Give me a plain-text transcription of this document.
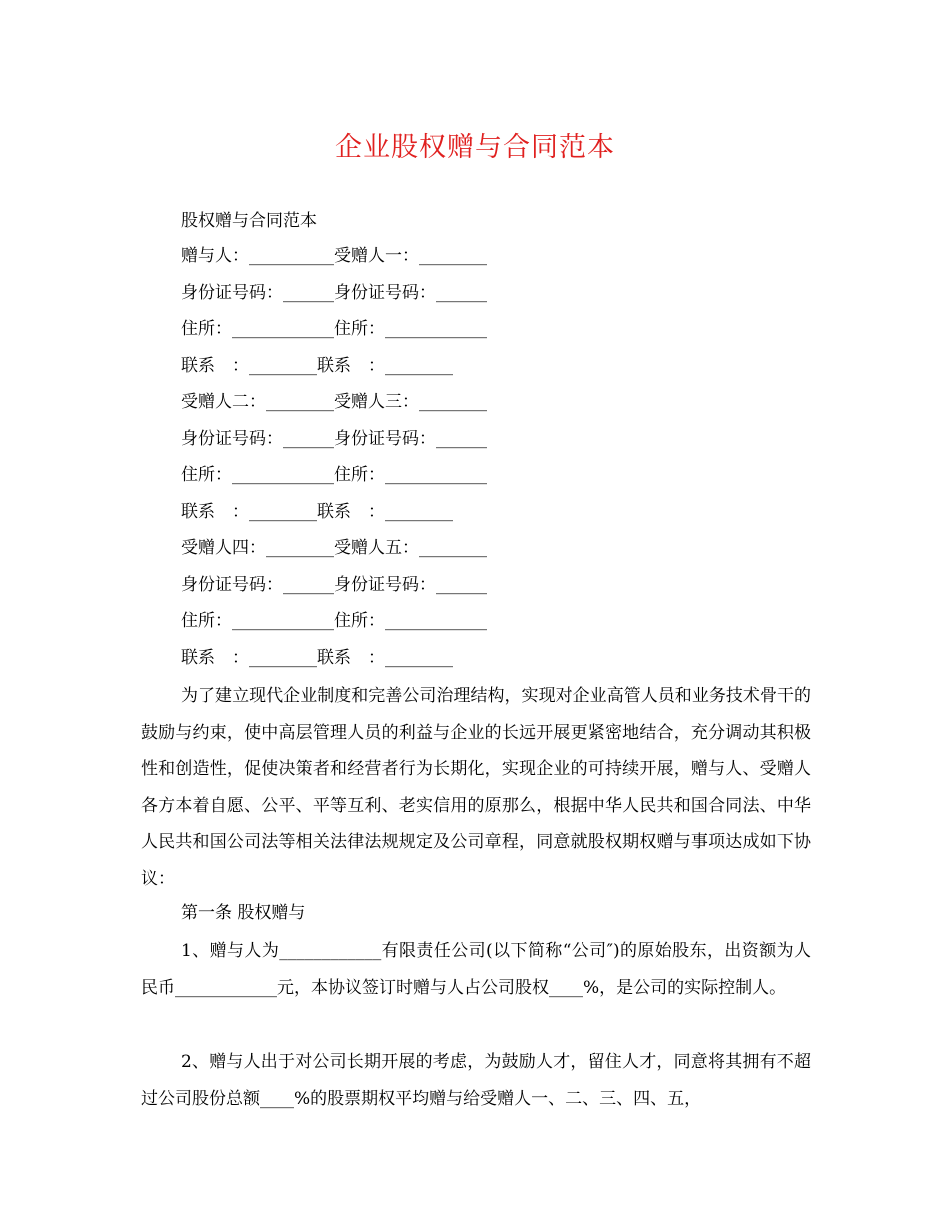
企业股权赠与合同范本
股权赠与合同范本
赠与人：__________受赠人一：________
身份证号码：______身份证号码：______
住所：____________住所：____________
联系　：________联系　：________
受赠人二：________受赠人三：________
身份证号码：______身份证号码：______
住所：____________住所：____________
联系　：________联系　：________
受赠人四：________受赠人五：________
身份证号码：______身份证号码：______
住所：____________住所：____________
联系　：________联系　：________
为了建立现代企业制度和完善公司治理结构，实现对企业高管人员和业务技术骨干的鼓励与约束，使中高层管理人员的利益与企业的长远开展更紧密地结合，充分调动其积极性和创造性，促使决策者和经营者行为长期化，实现企业的可持续开展，赠与人、受赠人各方本着自愿、公平、平等互利、老实信用的原那么，根据中华人民共和国合同法、中华人民共和国公司法等相关法律法规规定及公司章程，同意就股权期权赠与事项达成如下协议：
第一条 股权赠与
1、赠与人为____________有限责任公司(以下简称“公司″)的原始股东，出资额为人民币____________元，本协议签订时赠与人占公司股权____%，是公司的实际控制人。
2、赠与人出于对公司长期开展的考虑，为鼓励人才，留住人才，同意将其拥有不超过公司股份总额____%的股票期权平均赠与给受赠人一、二、三、四、五，
